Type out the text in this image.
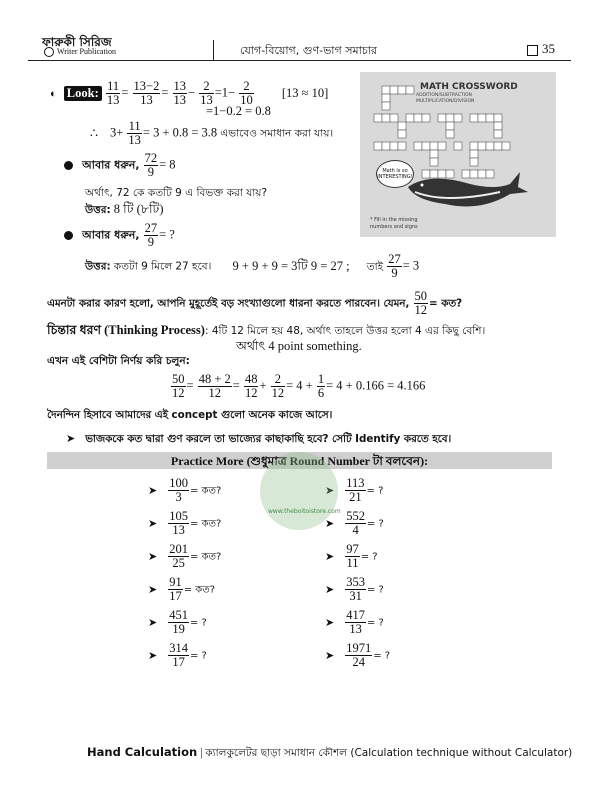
ফারুকী সিরিজ
Writer Publication	যোগ-বিয়োগ, গুণ-ভাগ সমাচার	35
◐ Look: $\frac{11}{13} = \frac{13-2}{13} = \frac{13}{13} - \frac{2}{13} =1- \frac{2}{10} [13 \approx 10]$
=1−0.2 = 0.8
∴ $3+ \frac{11}{13} = 3 + 0.8 = 3.8$ এভাবেও সমাধান করা যায়।
আবার ধরুন, $\frac{72}{9} = 8$
অর্থাৎ, 72 কে কতটি 9 এ বিভক্ত করা যায়?
উত্তর: 8 টি (৮টি)
আবার ধরুন, $\frac{27}{9}$ = ?
উত্তর: কতটা 9 মিলে 27 হবে। 9 + 9 + 9 = 3টি 9 = 27 ; তাই $\frac{27}{9} = 3$
এমনটা করার কারণ হলো, আপনি মুহূর্তেই বড় সংখ্যাগুলো ধারনা করতে পারবেন। যেমন, $\frac{50}{12}$ = কত?
চিন্তার ধরণ (Thinking Process): 4টি 12 মিলে হয় 48, অর্থাৎ তাহলে উত্তর হলো 4 এর কিছু বেশি।
অর্থাৎ 4 point something.
এখন এই বেশিটা নির্ণয় করি চলুন:
$\frac{50}{12} = \frac{48 + 2}{12} = \frac{48}{12} + \frac{2}{12} = 4 + \frac{1}{6} = 4 + 0.166 = 4.166$
দৈনন্দিন হিসাবে আমাদের এই concept গুলো অনেক কাজে আসে।
➤ ভাজককে কত দ্বারা গুণ করলে তা ভাজ্যের কাছাকাছি হবে? সেটি Identify করতে হবে।
Practice More (শুধুমাত্র Round Number টা বলবেন):
➤ $\frac{100}{3}$ = কত?
➤ $\frac{105}{13}$ = কত?
➤ $\frac{201}{25}$ = কত?
➤ $\frac{91}{17}$ = কত?
➤ $\frac{451}{19}$ = ?
➤ $\frac{314}{17}$ = ?
➤ $\frac{113}{21}$ = ?
➤ $\frac{552}{4}$ = ?
➤ $\frac{97}{11}$ = ?
➤ $\frac{353}{31}$ = ?
➤ $\frac{417}{13}$ = ?
➤ $\frac{1971}{24}$ = ?
www.theboitoistore.com
MATH CROSSWORD
ADDITION/SUBTRACTION
MULTIPLICATION/DIVISION
Math is so INTERESTING!
* Fill in the missing
numbers and signs
Hand Calculation | ক্যালকুলেটর ছাড়া সমাধান কৌশল (Calculation technique without Calculator)
